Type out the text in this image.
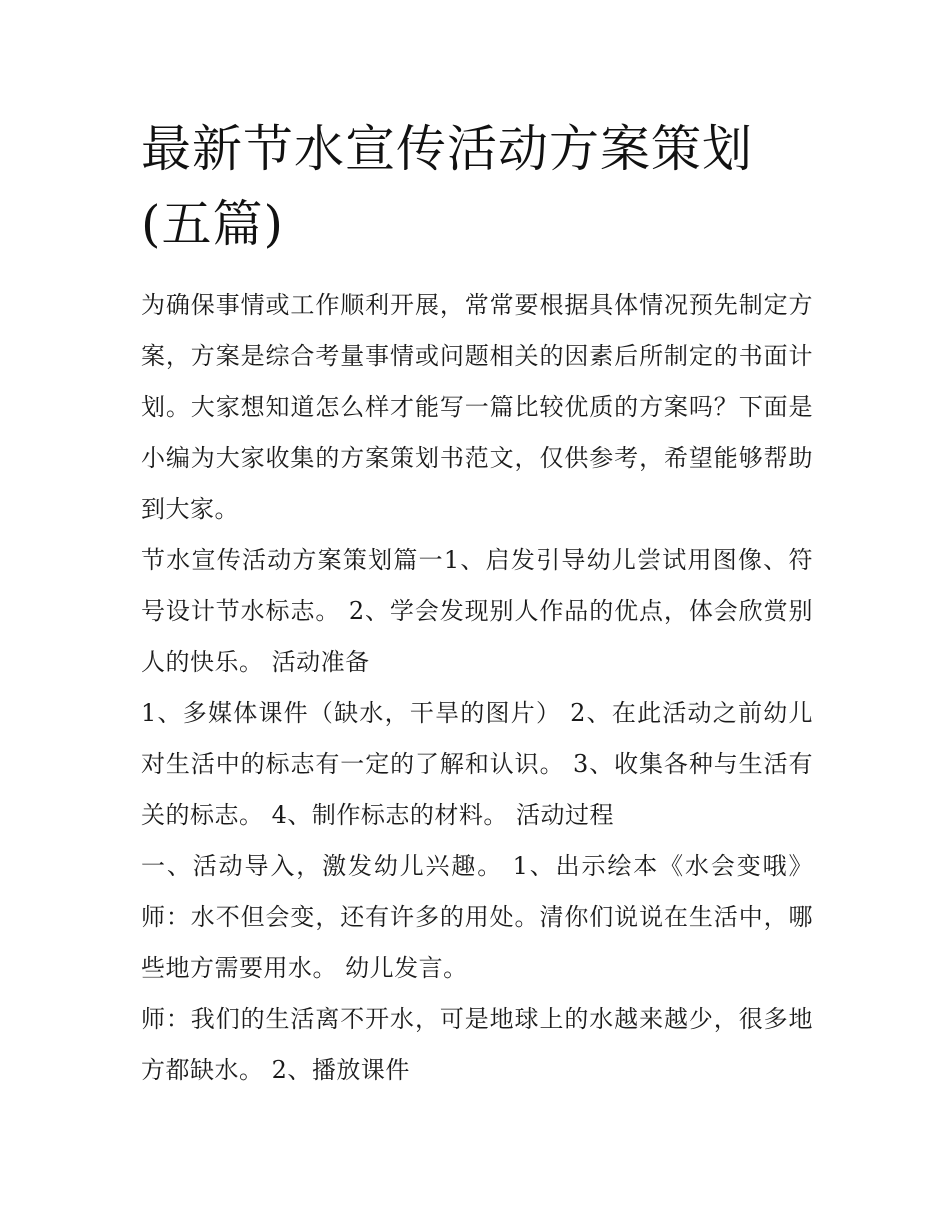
最新节水宣传活动方案策划(五篇)

为确保事情或工作顺利开展，常常要根据具体情况预先制定方案，方案是综合考量事情或问题相关的因素后所制定的书面计划。大家想知道怎么样才能写一篇比较优质的方案吗？下面是小编为大家收集的方案策划书范文，仅供参考，希望能够帮助到大家。

节水宣传活动方案策划篇一1、启发引导幼儿尝试用图像、符号设计节水标志。 2、学会发现别人作品的优点，体会欣赏别人的快乐。 活动准备

1、多媒体课件（缺水，干旱的图片） 2、在此活动之前幼儿对生活中的标志有一定的了解和认识。 3、收集各种与生活有关的标志。 4、制作标志的材料。 活动过程

一、活动导入，激发幼儿兴趣。 1、出示绘本《水会变哦》 师：水不但会变，还有许多的用处。清你们说说在生活中，哪些地方需要用水。 幼儿发言。

师：我们的生活离不开水，可是地球上的水越来越少，很多地方都缺水。 2、播放课件
